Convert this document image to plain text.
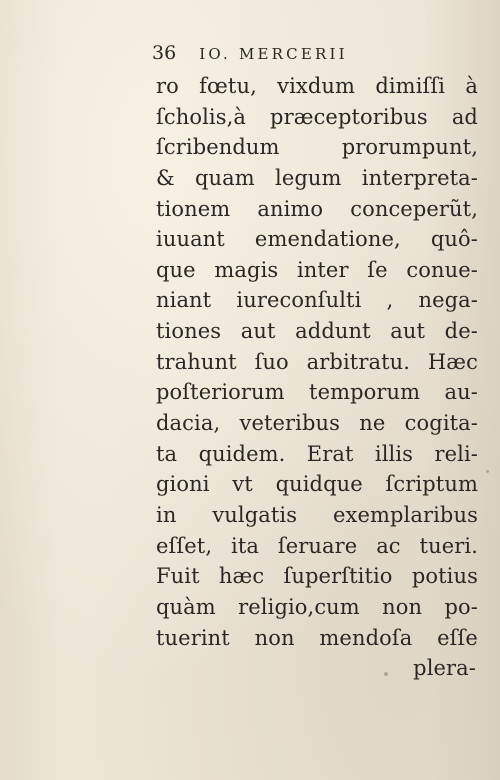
36 IO. MERCERII
ro fœtu, vixdum dimiſſi à
ſcholis,à præceptoribus ad
ſcribendum	prorumpunt,
& quam legum interpreta-
tionem animo conceperũt,
iuuant emendatione, quô-
que magis inter ſe conue-
niant iureconſulti , nega-
tiones aut addunt aut de-
trahunt ſuo arbitratu. Hæc
poſteriorum temporum au-
dacia, veteribus ne cogita-
ta quidem. Erat illis reli-
gioni vt quidque ſcriptum
in vulgatis exemplaribus
eſſet, ita ſeruare ac tueri.
Fuit hæc ſuperſtitio potius
quàm religio,cum non po-
tuerint non mendoſa eſſe
plera-
